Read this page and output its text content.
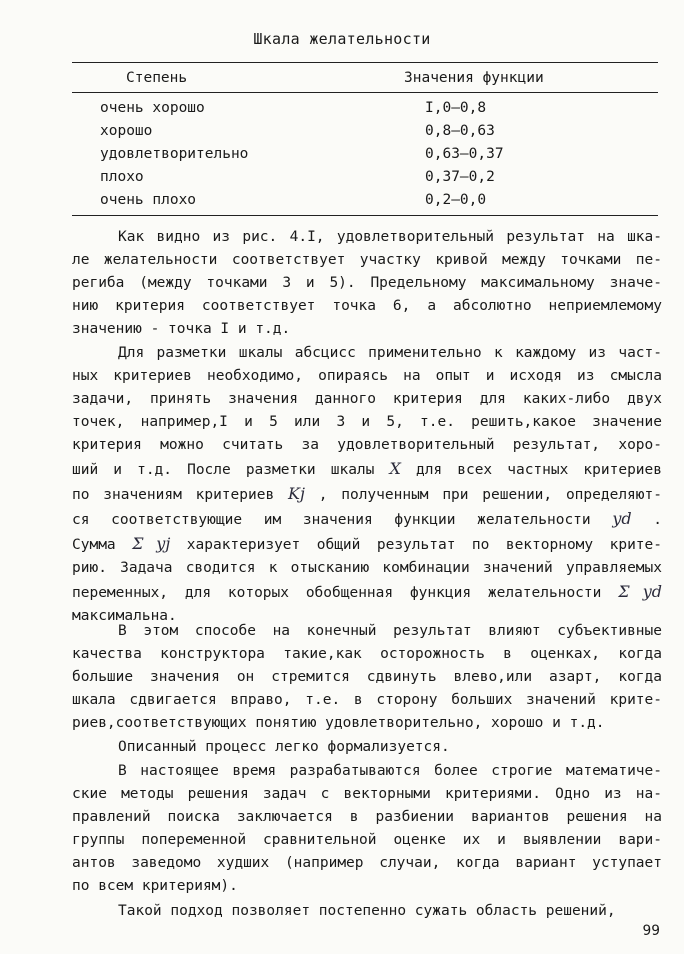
Шкала желательности
Степень	Значения функции
очень хорошо	I,0–0,8
хорошо	0,8–0,63
удовлетворительно	0,63–0,37
плохо	0,37–0,2
очень плохо	0,2–0,0
Как видно из рис. 4.I, удовлетворительный результат на шка-
ле желательности соответствует участку кривой между точками пе-
региба (между точками 3 и 5). Предельному максимальному значе-
нию критерия соответствует точка 6, а абсолютно неприемлемому
значению - точка I и т.д.
Для разметки шкалы абсцисс применительно к каждому из част-
ных критериев необходимо, опираясь на опыт и исходя из смысла
задачи, принять значения данного критерия для каких-либо двух
точек, например,I и 5 или 3 и 5, т.е. решить,какое значение
критерия можно считать за удовлетворительный результат, хоро-
ший и т.д. После разметки шкалы X для всех частных критериев
по значениям критериев Kj , полученным при решении, определяют-
ся соответствующие им значения функции желательности yd .
Сумма Σ yj характеризует общий результат по векторному крите-
рию. Задача сводится к отысканию комбинации значений управляемых
переменных, для которых обобщенная функция желательности Σ yd
максимальна.
В этом способе на конечный результат влияют субъективные
качества конструктора такие,как осторожность в оценках, когда
большие значения он стремится сдвинуть влево,или азарт, когда
шкала сдвигается вправо, т.е. в сторону больших значений крите-
риев,соответствующих понятию удовлетворительно, хорошо и т.д.
Описанный процесс легко формализуется.
В настоящее время разрабатываются более строгие математиче-
ские методы решения задач с векторными критериями. Одно из на-
правлений поиска заключается в разбиении вариантов решения на
группы попеременной сравнительной оценке их и выявлении вари-
антов заведомо худших (например случаи, когда вариант уступает
по всем критериям).
Такой подход позволяет постепенно сужать область решений,
99
